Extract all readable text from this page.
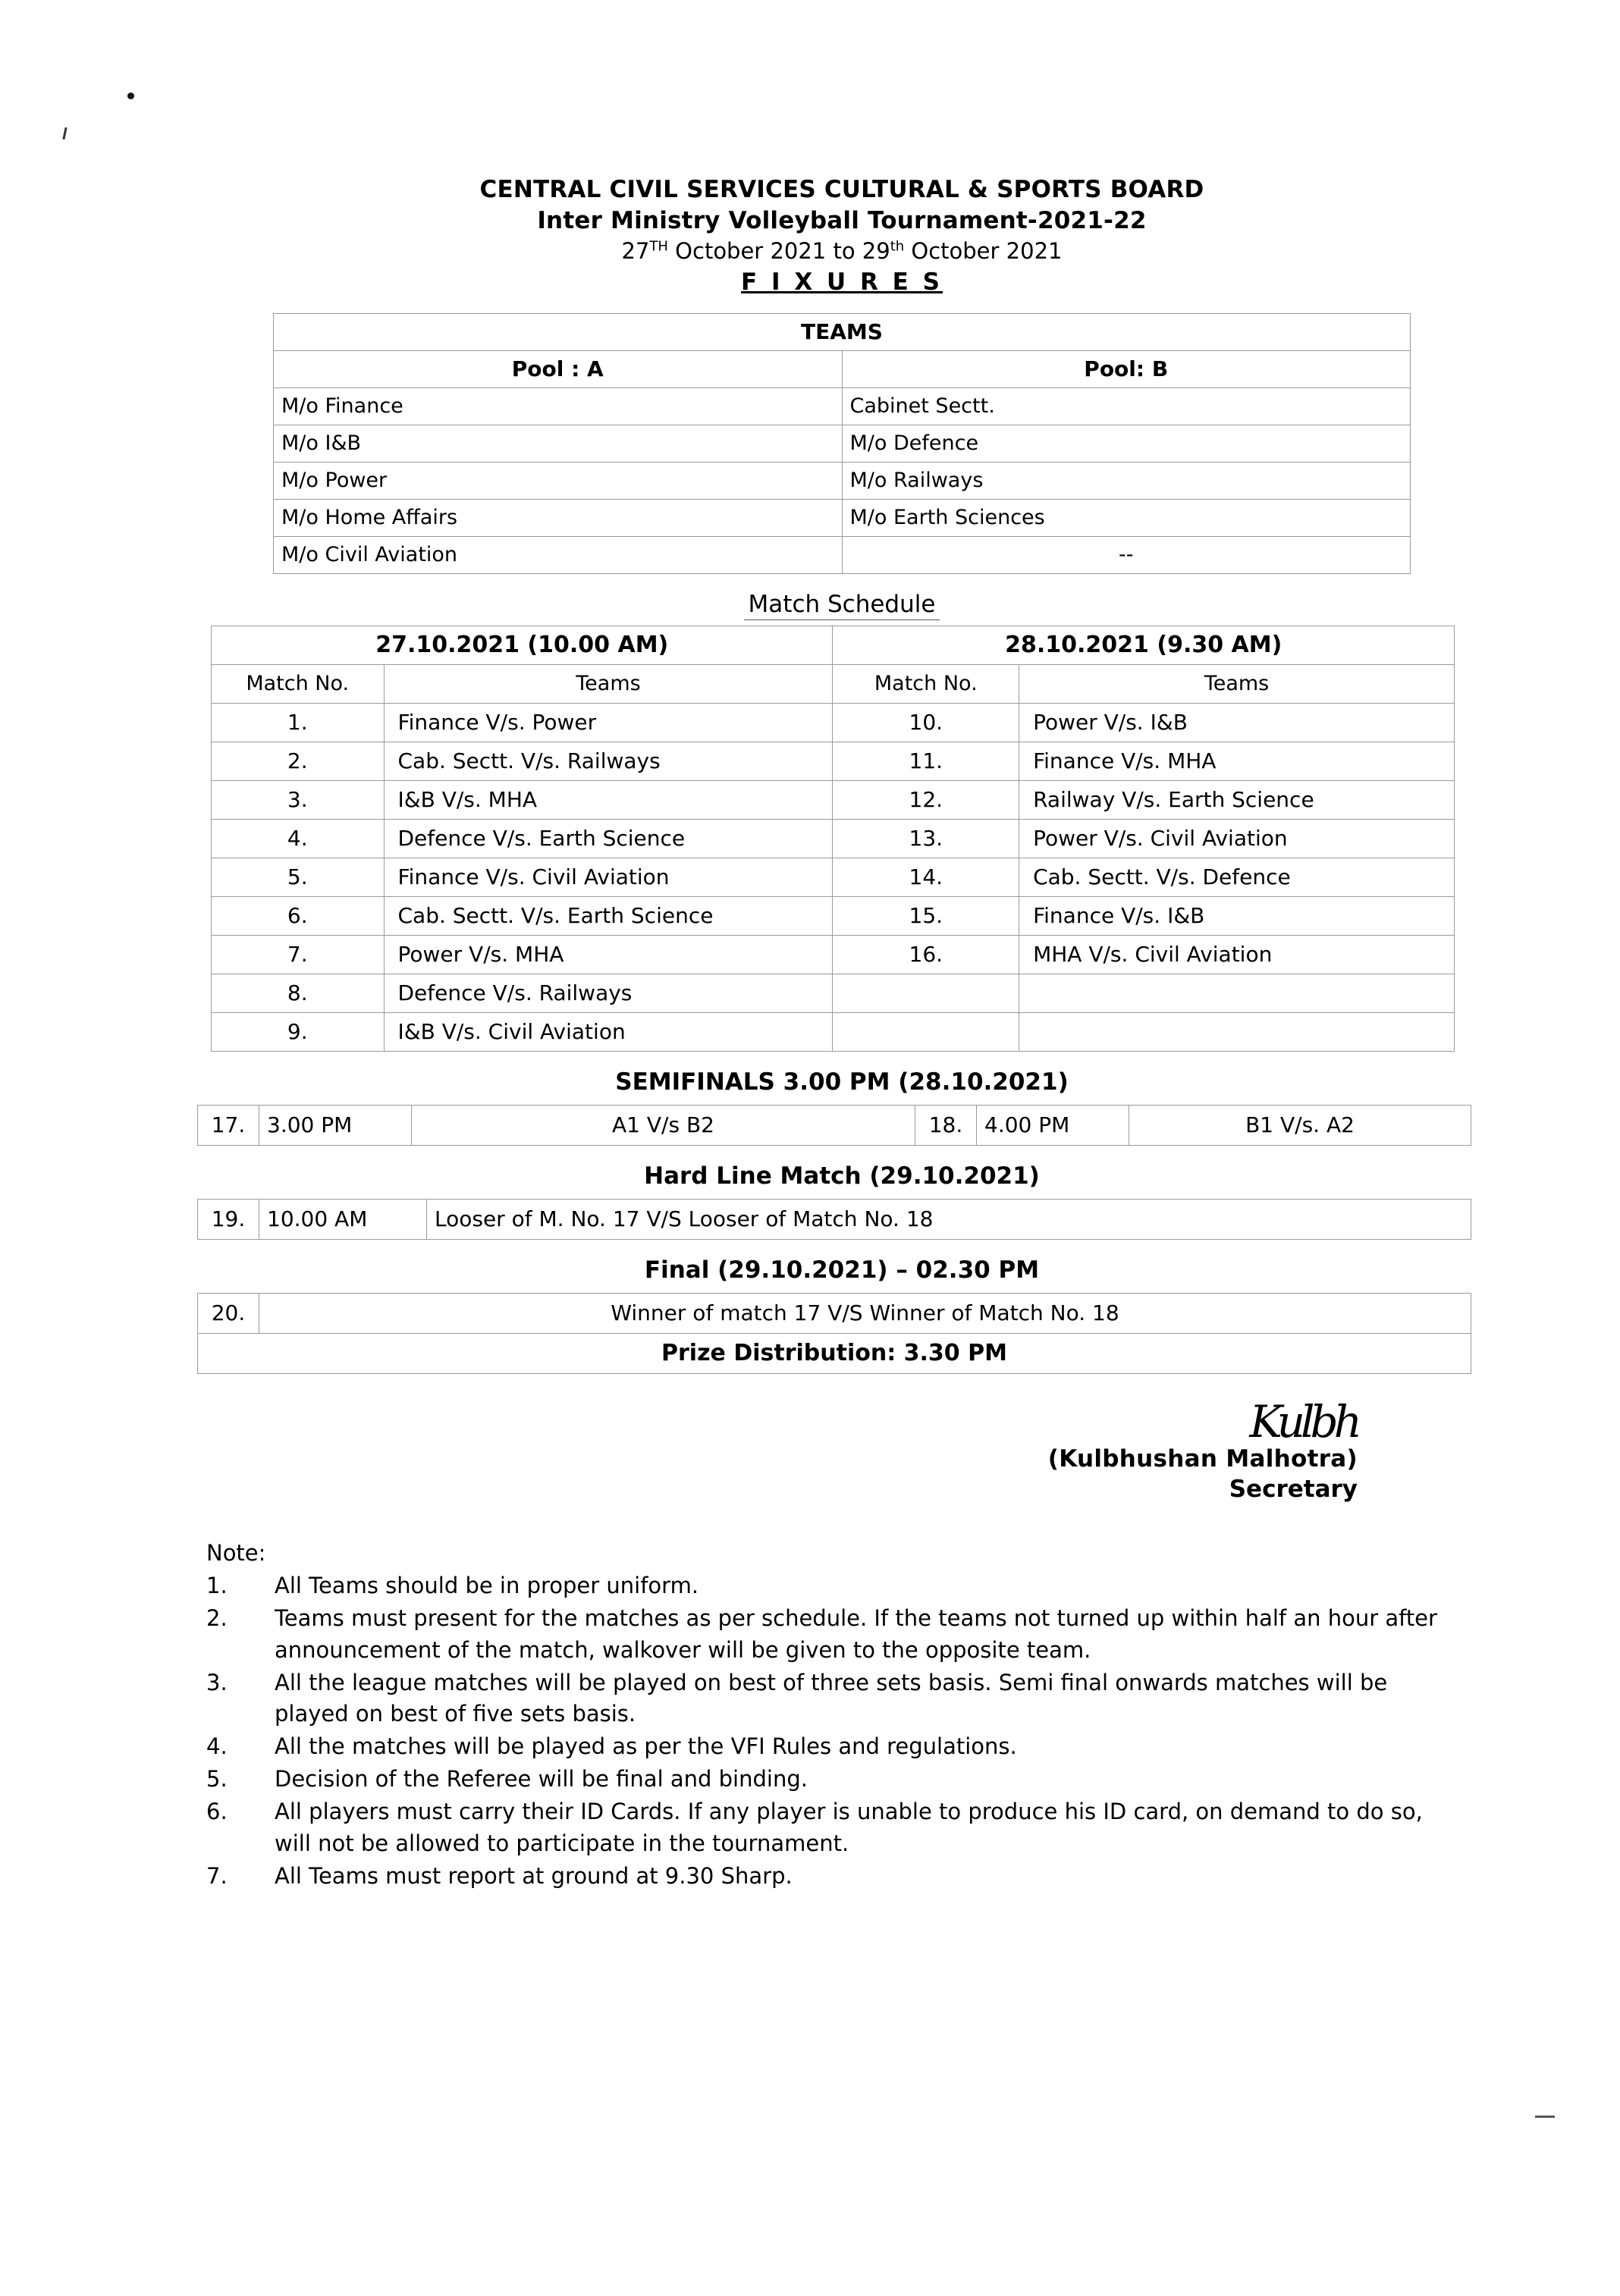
CENTRAL CIVIL SERVICES CULTURAL & SPORTS BOARD
Inter Ministry Volleyball Tournament-2021-22
27TH October 2021 to 29th October 2021
F I X U R E S
TEAMS	
Pool : A	Pool: B
M/o Finance	Cabinet Sectt.
M/o I&B	M/o Defence
M/o Power	M/o Railways
M/o Home Affairs	M/o Earth Sciences
M/o Civil Aviation	--
Match Schedule
27.10.2021 (10.00 AM)		28.10.2021 (9.30 AM)	
Match No.	Teams	Match No.	Teams
1.	Finance V/s. Power	10.	Power V/s. I&B
2.	Cab. Sectt. V/s. Railways	11.	Finance V/s. MHA
3.	I&B V/s. MHA	12.	Railway V/s. Earth Science
4.	Defence V/s. Earth Science	13.	Power V/s. Civil Aviation
5.	Finance V/s. Civil Aviation	14.	Cab. Sectt. V/s. Defence
6.	Cab. Sectt. V/s. Earth Science	15.	Finance V/s. I&B
7.	Power V/s. MHA	16.	MHA V/s. Civil Aviation
8.	Defence V/s. Railways		
9.	I&B V/s. Civil Aviation		
SEMIFINALS 3.00 PM (28.10.2021)
17.	3.00 PM	A1 V/s B2	18.	4.00 PM	B1 V/s. A2
Hard Line Match (29.10.2021)
19.	10.00 AM	Looser of M. No. 17 V/S Looser of Match No. 18
Final (29.10.2021) – 02.30 PM
20.	Winner of match 17 V/S Winner of Match No. 18
Prize Distribution: 3.30 PM
Kulbh
(Kulbhushan Malhotra)
Secretary
Note:
1.	All Teams should be in proper uniform.
2.	Teams must present for the matches as per schedule. If the teams not turned up within half an hour after announcement of the match, walkover will be given to the opposite team.
3.	All the league matches will be played on best of three sets basis. Semi final onwards matches will be played on best of five sets basis.
4.	All the matches will be played as per the VFI Rules and regulations.
5.	Decision of the Referee will be final and binding.
6.	All players must carry their ID Cards. If any player is unable to produce his ID card, on demand to do so, will not be allowed to participate in the tournament.
7.	All Teams must report at ground at 9.30 Sharp.
